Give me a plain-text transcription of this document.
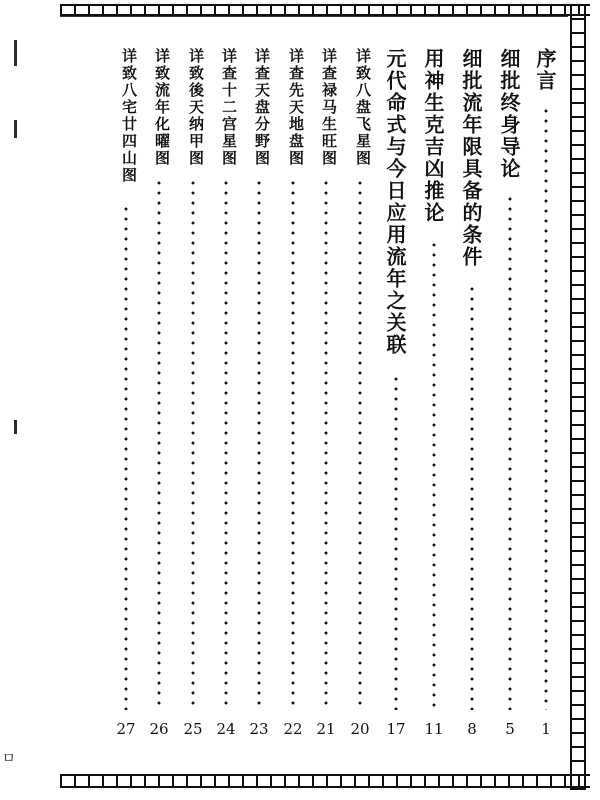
ㅁ
序言
1
细批终身导论
5
细批流年限具备的条件
8
用神生克吉凶推论
11
元代命式与今日应用流年之关联
17
详致八盘飞星图
20
详查禄马生旺图
21
详查先天地盘图
22
详查天盘分野图
23
详查十二宫星图
24
详致後天纳甲图
25
详致流年化曜图
26
详致八宅廿四山图
27
